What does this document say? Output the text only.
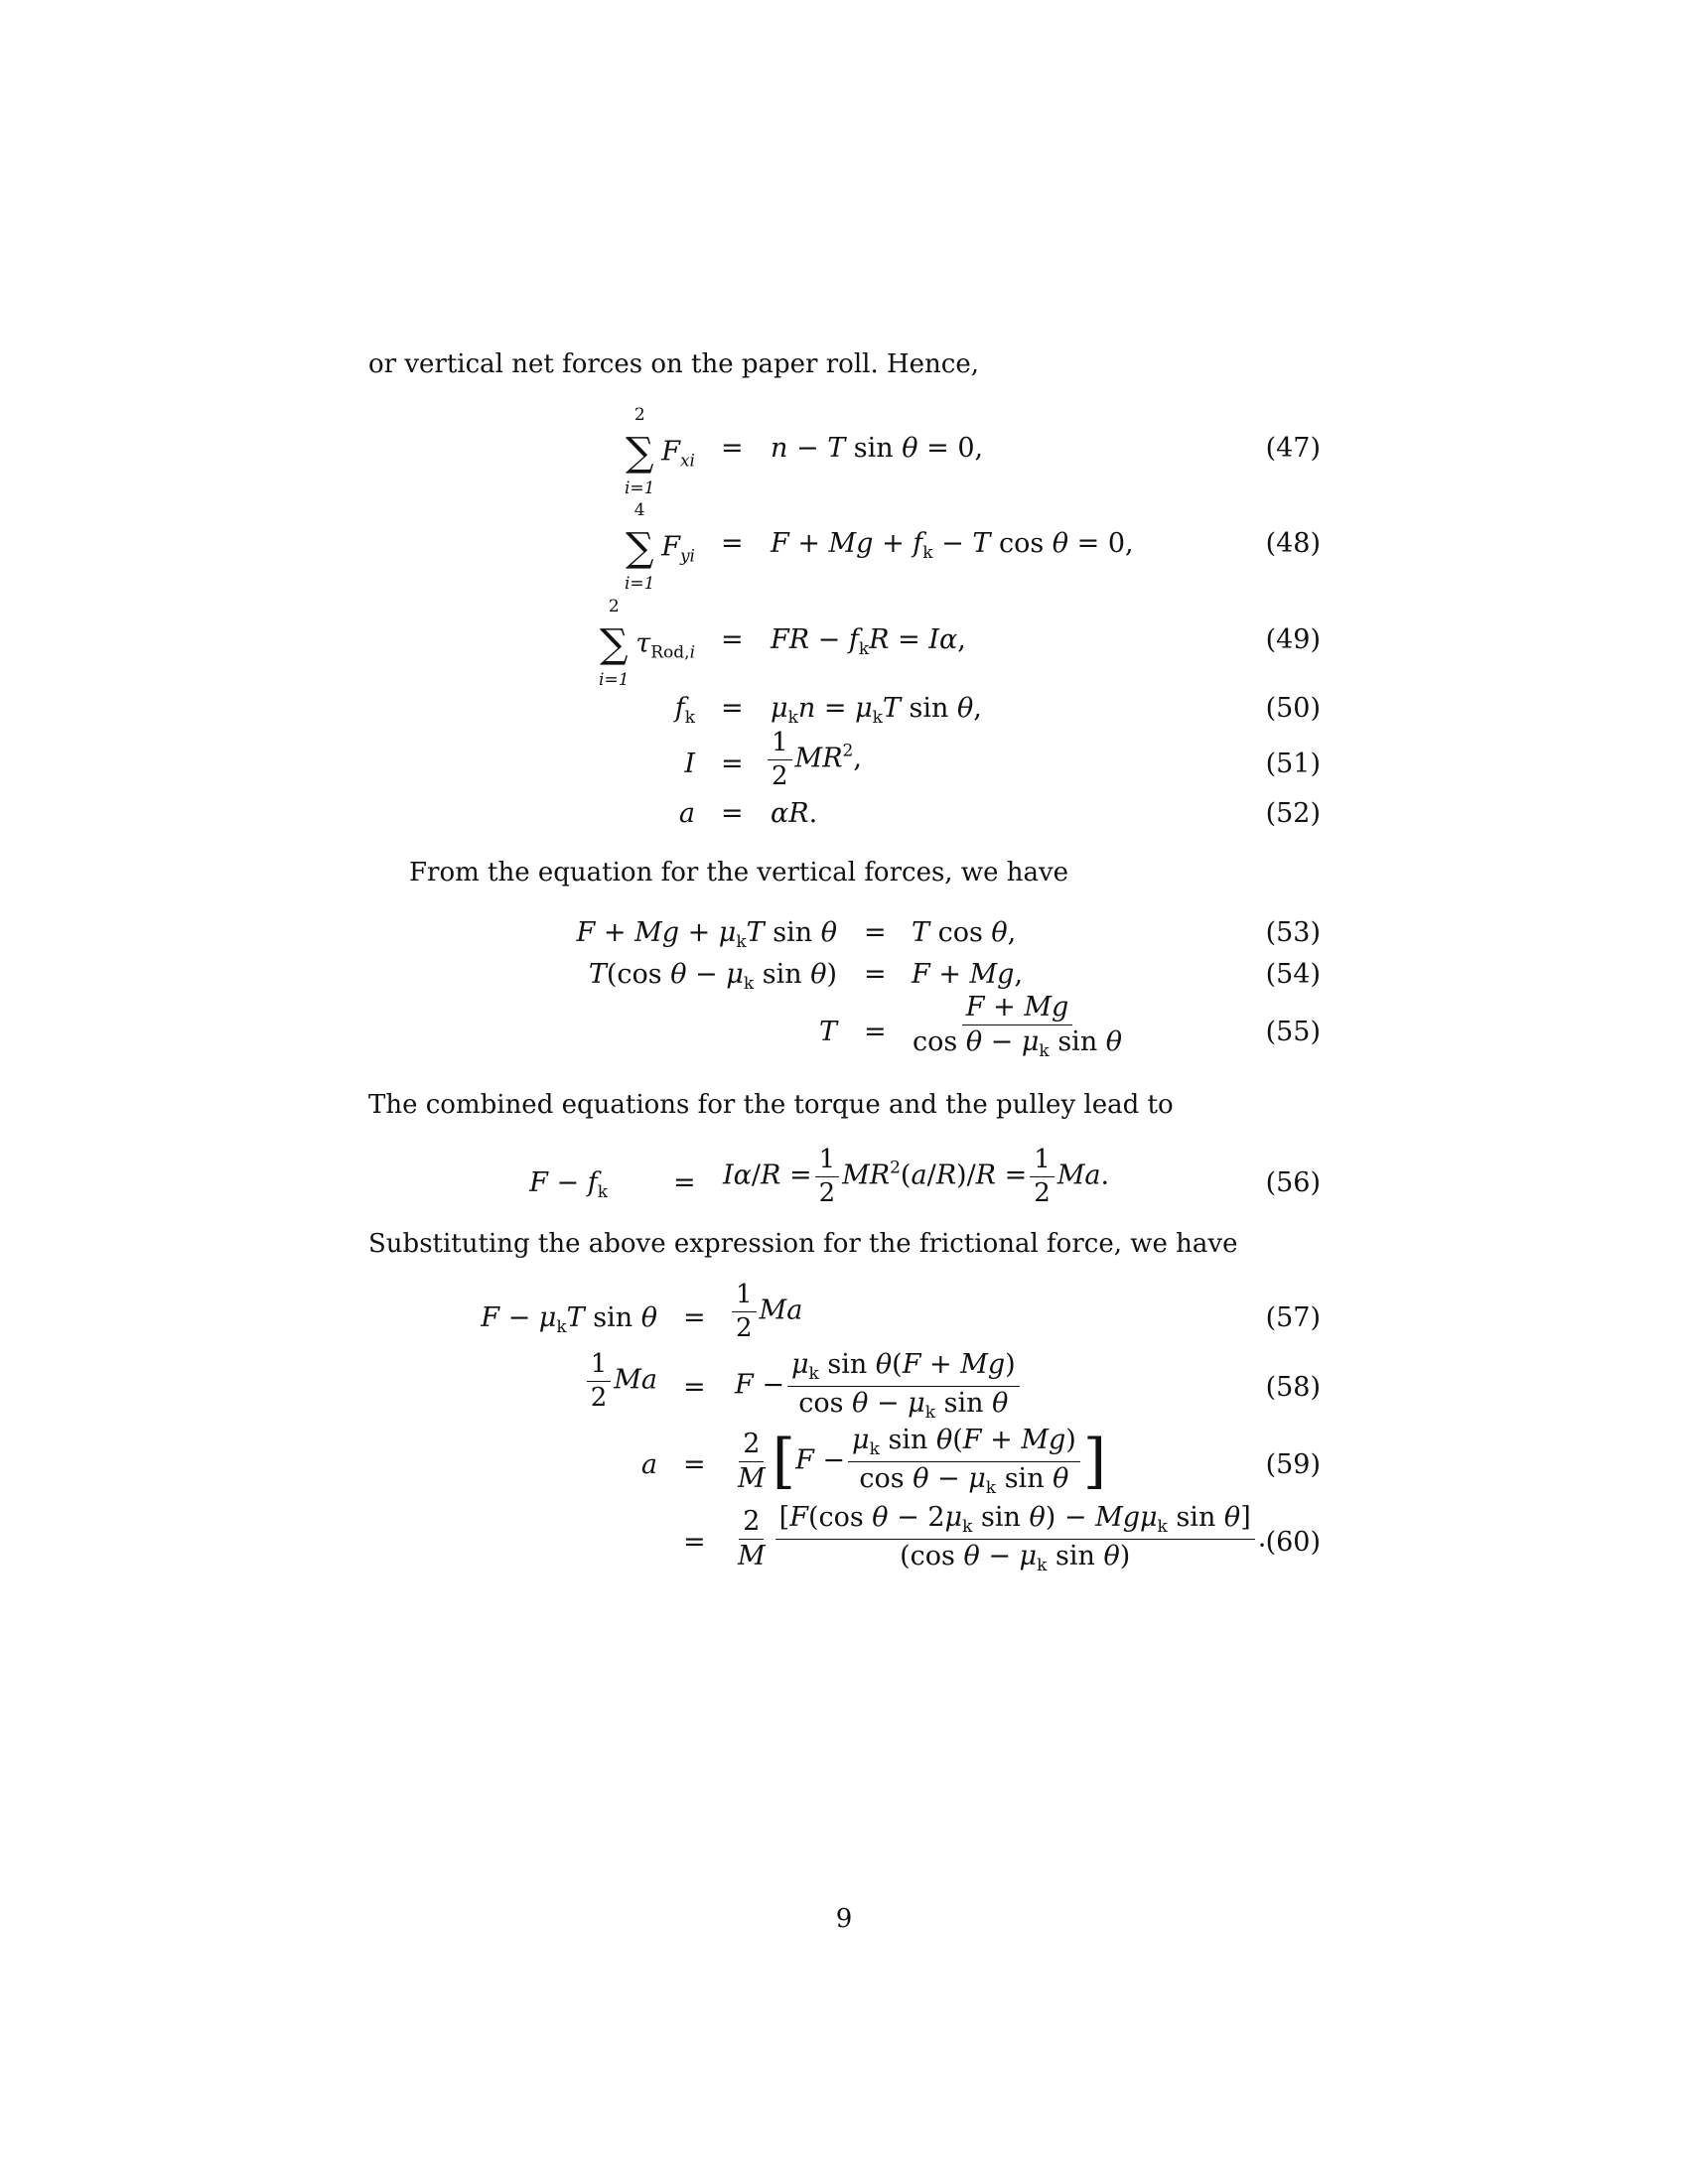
or vertical net forces on the paper roll. Hence,
2
∑
i=1
$F_{xi} = n - T$ sin θ = 0,	(47)
4
∑
i=1
$F_{yi} = F + Mg + f_k - T$ cos θ = 0,	(48)
2
∑
i=1
$\tau_{Rod,i}$ = FR − $f_kR = I\alpha$,	(49)
$f_k = \mu_kn = \mu_kT$ sin θ,	(50)
$I = \frac{1}{2} MR^2$,	(51)
a = αR.	(52)
From the equation for the vertical forces, we have
$F + Mg + \mu_kT$ sin θ = T cos θ,	(53)
T(cos $\theta - \mu_k$ sin θ) = F + Mg,	(54)
$T = \frac{F + Mg}{\cos \theta - \mu_k \sin \theta}$	(55)
The combined equations for the torque and the pulley lead to
$F - f_k = I\alpha/R = \frac{1}{2} MR^2(a/R)/R = \frac{1}{2} Ma$.	(56)
Substituting the above expression for the frictional force, we have
$F - \mu_kT$ $\sin \theta = \frac{1}{2}$ Ma	(57)
$\frac{1}{2}$ $Ma = F - \frac{\mu_k \sin \theta(F + Mg)}{\cos \theta - \mu_k \sin \theta}$	(58)
$a = \frac{2}{M} [F - \frac{\mu_k \sin \theta(F + Mg)}{\cos \theta - \mu_k \sin \theta}$ ]	(59)
= $\frac{2}{M} \frac{[F(\cos \theta - 2\mu_k \sin \theta) - Mg\mu_k \sin \theta]}{(\cos \theta - \mu_k \sin \theta)}$ . (60)
9
